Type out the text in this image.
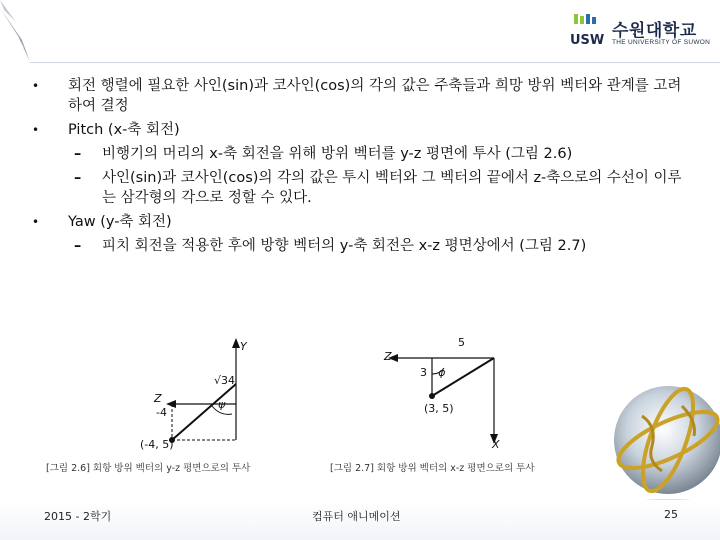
USW 수원대학교
THE UNIVERSITY OF SUWON
• 회전 행렬에 필요한 사인(sin)과 코사인(cos)의 각의 값은 주축들과 희망 방위 벡터와 관계를 고려하여 결정
• Pitch (x-축 회전)
– 비행기의 머리의 x-축 회전을 위해 방위 벡터를 y-z 평면에 투사 (그림 2.6)
– 사인(sin)과 코사인(cos)의 각의 값은 투시 벡터와 그 벡터의 끝에서 z-축으로의 수선이 이루는 삼각형의 각으로 정할 수 있다.
• Yaw (y-축 회전)
– 피치 회전을 적용한 후에 방향 벡터의 y-축 회전은 x-z 평면상에서 (그림 2.7)
Y
Z
√34
-4
ψ
(-4, 5)
[그림 2.6] 회항 방위 벡터의 y-z 평면으로의 투사
5
Z
3 φ
(3, 5)
X
[그림 2.7] 회항 방위 벡터의 x-z 평면으로의 투사
2015 - 2학기	컴퓨터 애니메이션	25
